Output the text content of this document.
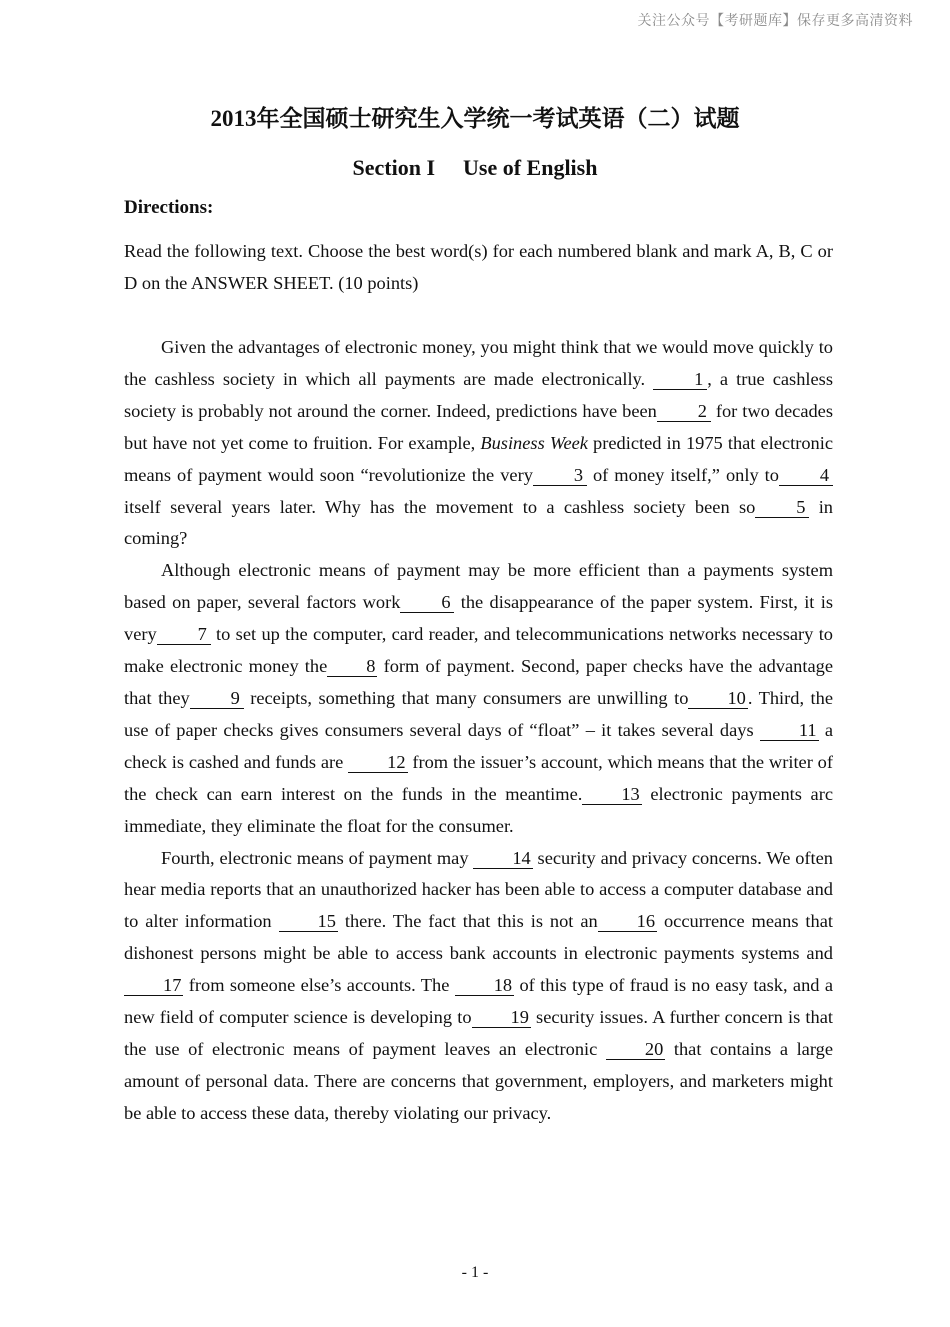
关注公众号【考研题库】保存更多高清资料
2013年全国硕士研究生入学统一考试英语（二）试题
Section I Use of English
Directions:

Read the following text. Choose the best word(s) for each numbered blank and mark A, B, C or D on the ANSWER SHEET. (10 points)

Given the advantages of electronic money, you might think that we would move quickly to the cashless society in which all payments are made electronically. 1 , a true cashless society is probably not around the corner. Indeed, predictions have been 2 for two decades but have not yet come to fruition. For example, Business Week predicted in 1975 that electronic means of payment would soon “revolutionize the very 3 of money itself,” only to 4 itself several years later. Why has the movement to a cashless society been so 5 in coming?

Although electronic means of payment may be more efficient than a payments system based on paper, several factors work 6 the disappearance of the paper system. First, it is very 7 to set up the computer, card reader, and telecommunications networks necessary to make electronic money the 8 form of payment. Second, paper checks have the advantage that they 9 receipts, something that many consumers are unwilling to 10 . Third, the use of paper checks gives consumers several days of “float” – it takes several days 11 a check is cashed and funds are 12 from the issuer’s account, which means that the writer of the check can earn interest on the funds in the meantime. 13 electronic payments arc immediate, they eliminate the float for the consumer.

Fourth, electronic means of payment may 14 security and privacy concerns. We often hear media reports that an unauthorized hacker has been able to access a computer database and to alter information 15 there. The fact that this is not an 16 occurrence means that dishonest persons might be able to access bank accounts in electronic payments systems and 17 from someone else’s accounts. The 18 of this type of fraud is no easy task, and a new field of computer science is developing to 19 security issues. A further concern is that the use of electronic means of payment leaves an electronic 20 that contains a large amount of personal data. There are concerns that government, employers, and marketers might be able to access these data, thereby violating our privacy.

- 1 -
